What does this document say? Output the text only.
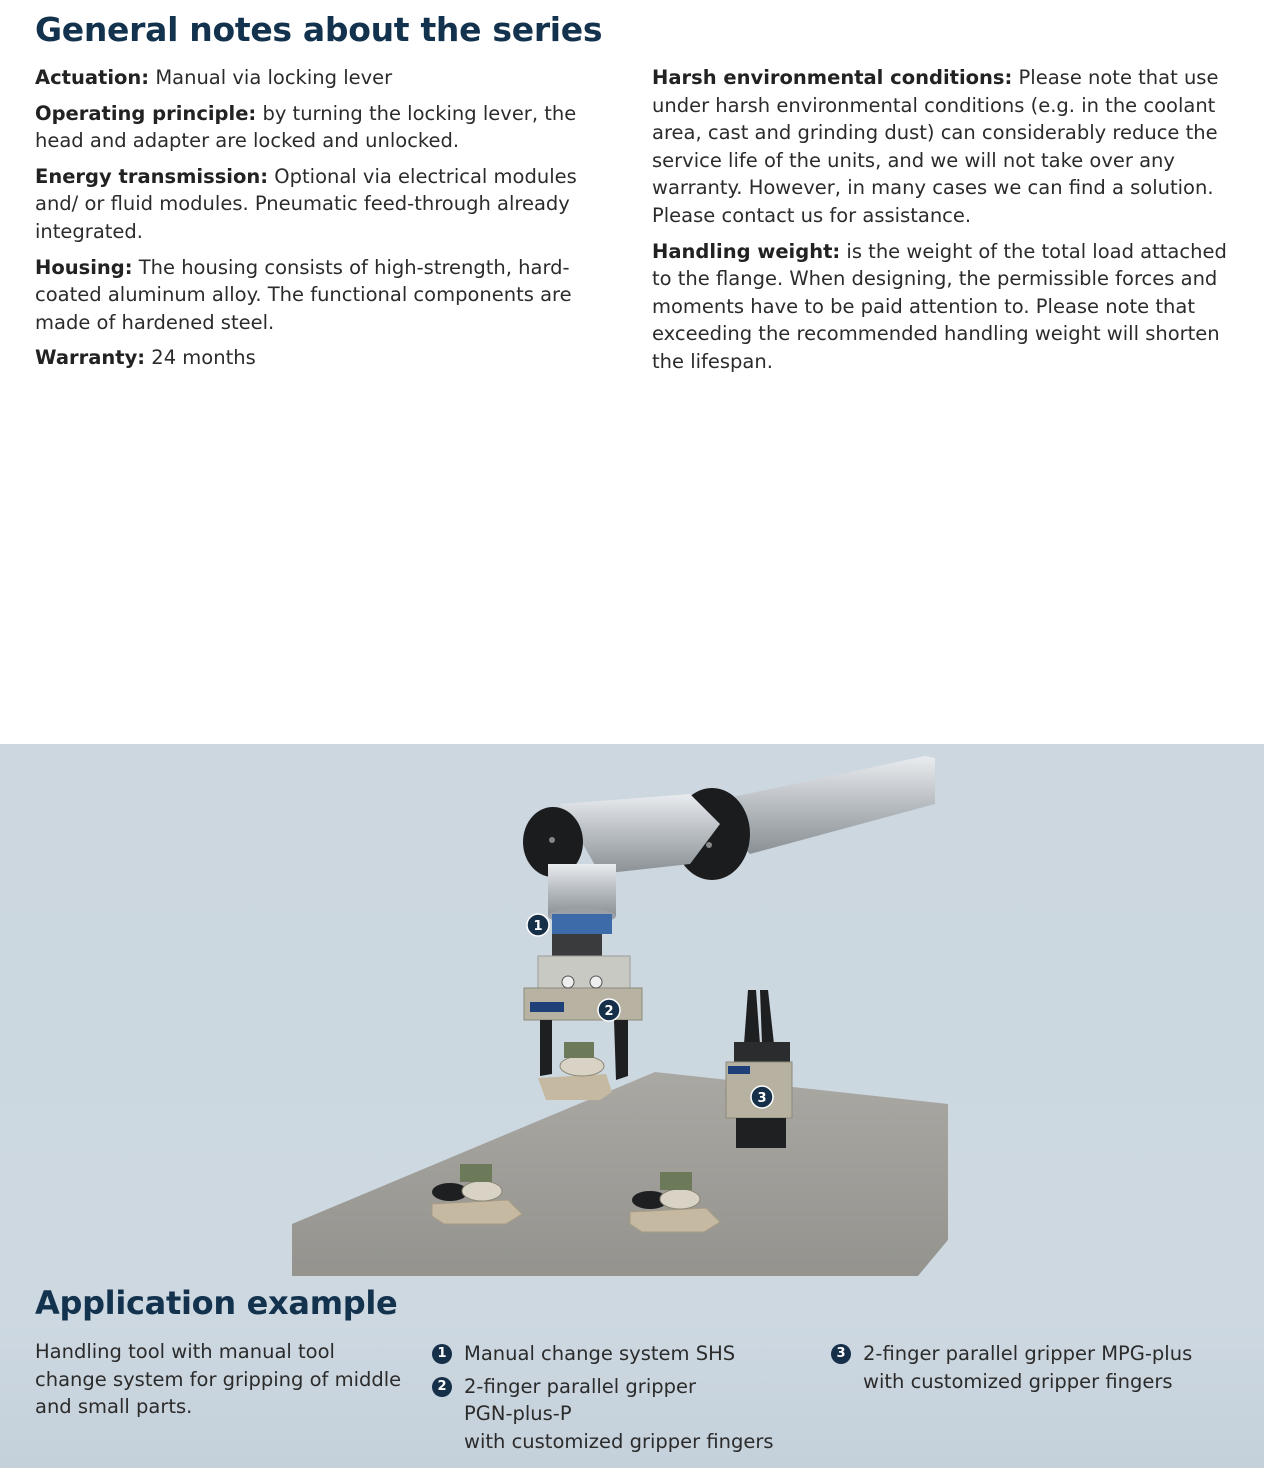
General notes about the series

Actuation: Manual via locking lever

Operating principle: by turning the locking lever, the head and adapter are locked and unlocked.

Energy transmission: Optional via electrical modules and/ or fluid modules. Pneumatic feed-through already integrated.

Housing: The housing consists of high-strength, hard-coated aluminum alloy. The functional components are made of hardened steel.

Warranty: 24 months

Harsh environmental conditions: Please note that use under harsh environmental conditions (e.g. in the coolant area, cast and grinding dust) can considerably reduce the service life of the units, and we will not take over any warranty. However, in many cases we can find a solution. Please contact us for assistance.

Handling weight: is the weight of the total load attached to the flange. When designing, the permissible forces and moments have to be paid attention to. Please note that exceeding the recommended handling weight will shorten the lifespan.

1
2
3
Application example
Handling tool with manual tool change system for gripping of middle and small parts.
1 Manual change system SHS
2 2-finger parallel gripper
PGN-plus-P
with customized gripper fingers
3 2-finger parallel gripper MPG-plus
with customized gripper fingers
